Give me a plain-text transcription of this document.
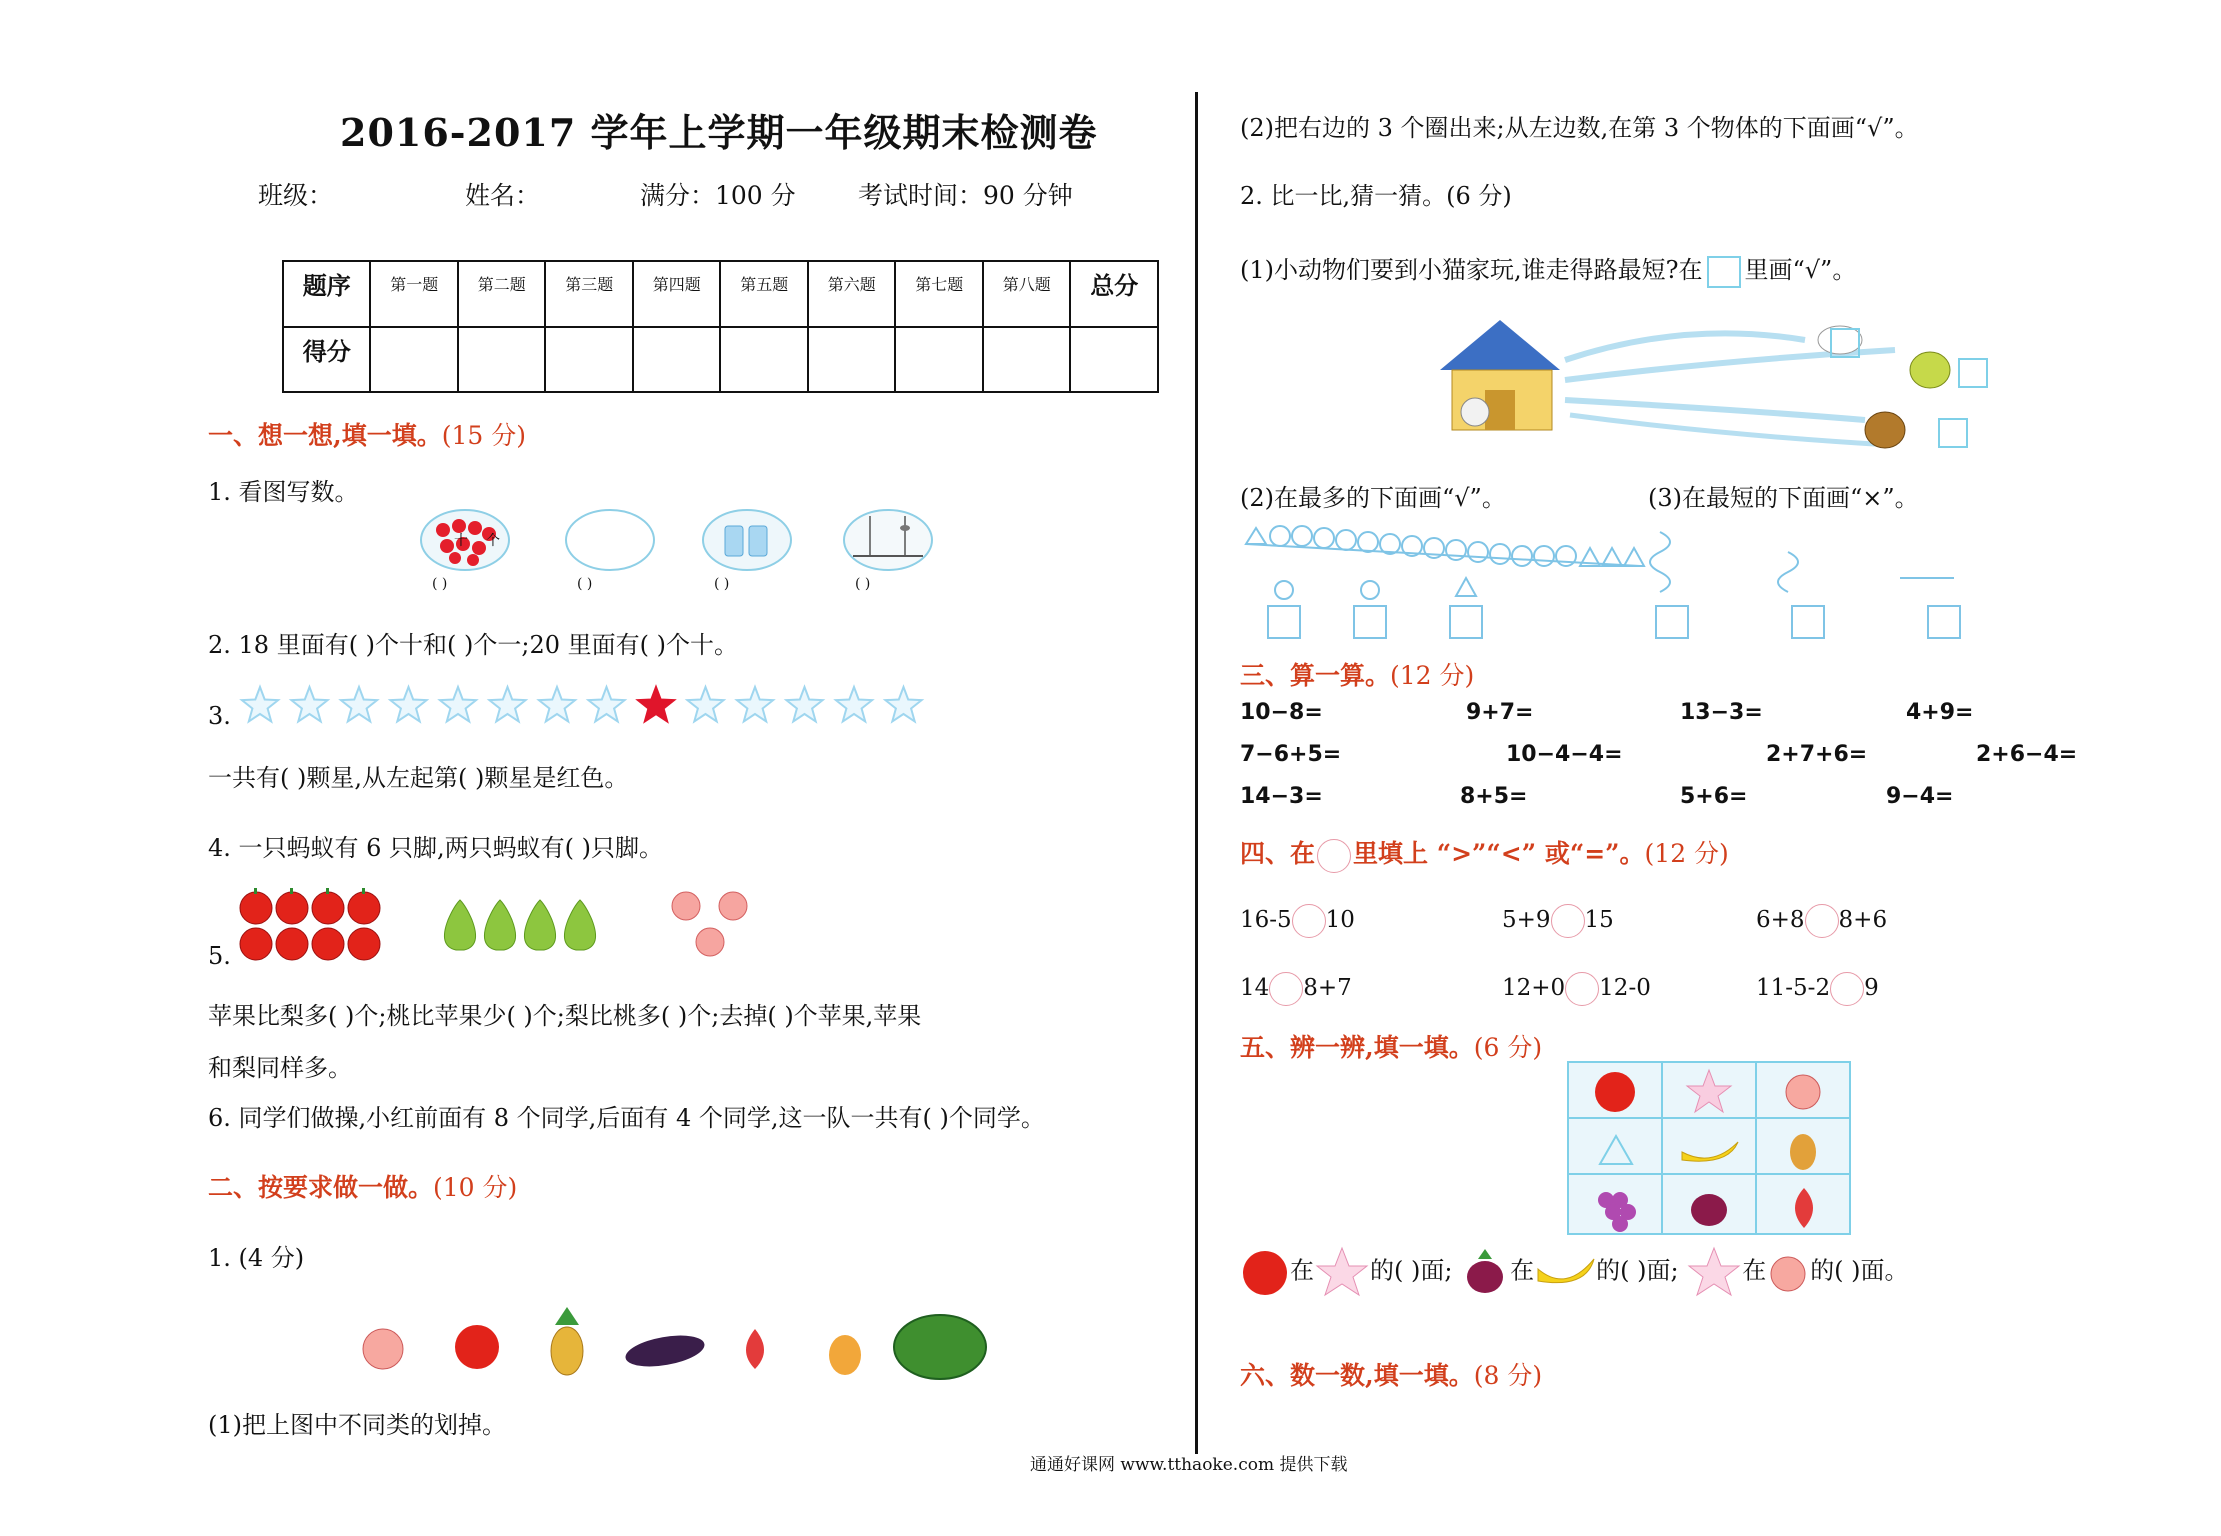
2016-2017 学年上学期一年级期末检测卷
班级：	姓名：	满分：100 分 考试时间：90 分钟
题序	第一题	第二题	第三题	第四题	第五题	第六题	第七题	第八题	总分
得分									
一、想一想,填一填。(15 分)
1. 看图写数。
十 个
( )	( )	( )	( )
2. 18 里面有( )个十和( )个一;20 里面有( )个十。
3.
一共有( )颗星,从左起第( )颗星是红色。
4. 一只蚂蚁有 6 只脚,两只蚂蚁有( )只脚。
5.
苹果比梨多( )个;桃比苹果少( )个;梨比桃多( )个;去掉( )个苹果,苹果
和梨同样多。
6. 同学们做操,小红前面有 8 个同学,后面有 4 个同学,这一队一共有( )个同学。
二、按要求做一做。(10 分)
1. (4 分)
(1)把上图中不同类的划掉。
通通好课网 www.tthaoke.com 提供下载
(2)把右边的 3 个圈出来;从左边数,在第 3 个物体的下面画“√”。
2. 比一比,猜一猜。(6 分)
(1)小动物们要到小猫家玩,谁走得路最短?在 里画“√”。
(2)在最多的下面画“√”。	(3)在最短的下面画“×”。
三、算一算。(12 分)
10−8=	9+7=	13−3=	4+9=
7−6+5=	10−4−4=	2+7+6=	2+6−4=
14−3=	8+5=	5+6=	9−4=
四、在 里填上 “>”“<” 或“=”。(12 分)
16-5 10	5+9 15	6+8 8+6
14 8+7	12+0 12-0	11-5-2 9
五、辨一辨,填一填。(6 分)
在 的( )面; 在	的( )面;	在 的( )面。
六、数一数,填一填。(8 分)
